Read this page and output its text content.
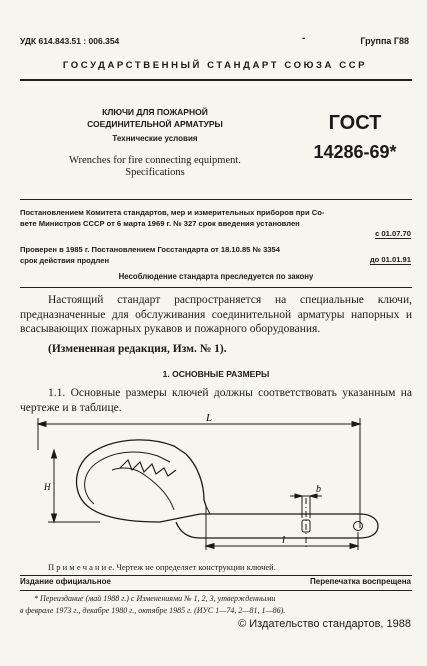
УДК 614.843.51 : 006.354	-	Группа Г88
ГОСУДАРСТВЕННЫЙ СТАНДАРТ СОЮЗА ССР
КЛЮЧИ ДЛЯ ПОЖАРНОЙ
СОЕДИНИТЕЛЬНОЙ АРМАТУРЫ
Технические условия
Wrenches for fire connecting equipment.
Specifications
ГОСТ
14286-69*
Постановлением Комитета стандартов, мер и измерительных приборов при Со-
вете Министров СССР от 6 марта 1969 г. № 327 срок введения установлен
с 01.07.70
Проверен в 1985 г. Постановлением Госстандарта от 18.10.85 № 3354
срок действия продлен	до 01.01.91
Несоблюдение стандарта преследуется по закону
Настоящий стандарт распространяется на специальные ключи, предназначенные для обслуживания соединительной арматуры напорных и всасывающих пожарных рукавов и пожарного оборудования.
(Измененная редакция, Изм. № 1).
1. ОСНОВНЫЕ РАЗМЕРЫ
1.1. Основные размеры ключей должны соответствовать указанным на чертеже и в таблице.
L
H	b
l
П р и м е ч а н и е. Чертеж не определяет конструкции ключей.
Издание официальное	Перепечатка воспрещена
* Переиздание (май 1988 г.) с Изменениями № 1, 2, 3, утвержденными
в феврале 1973 г., декабре 1980 г., октябре 1985 г. (ИУС 1—74, 2—81, 1—86).
© Издательство стандартов, 1988
